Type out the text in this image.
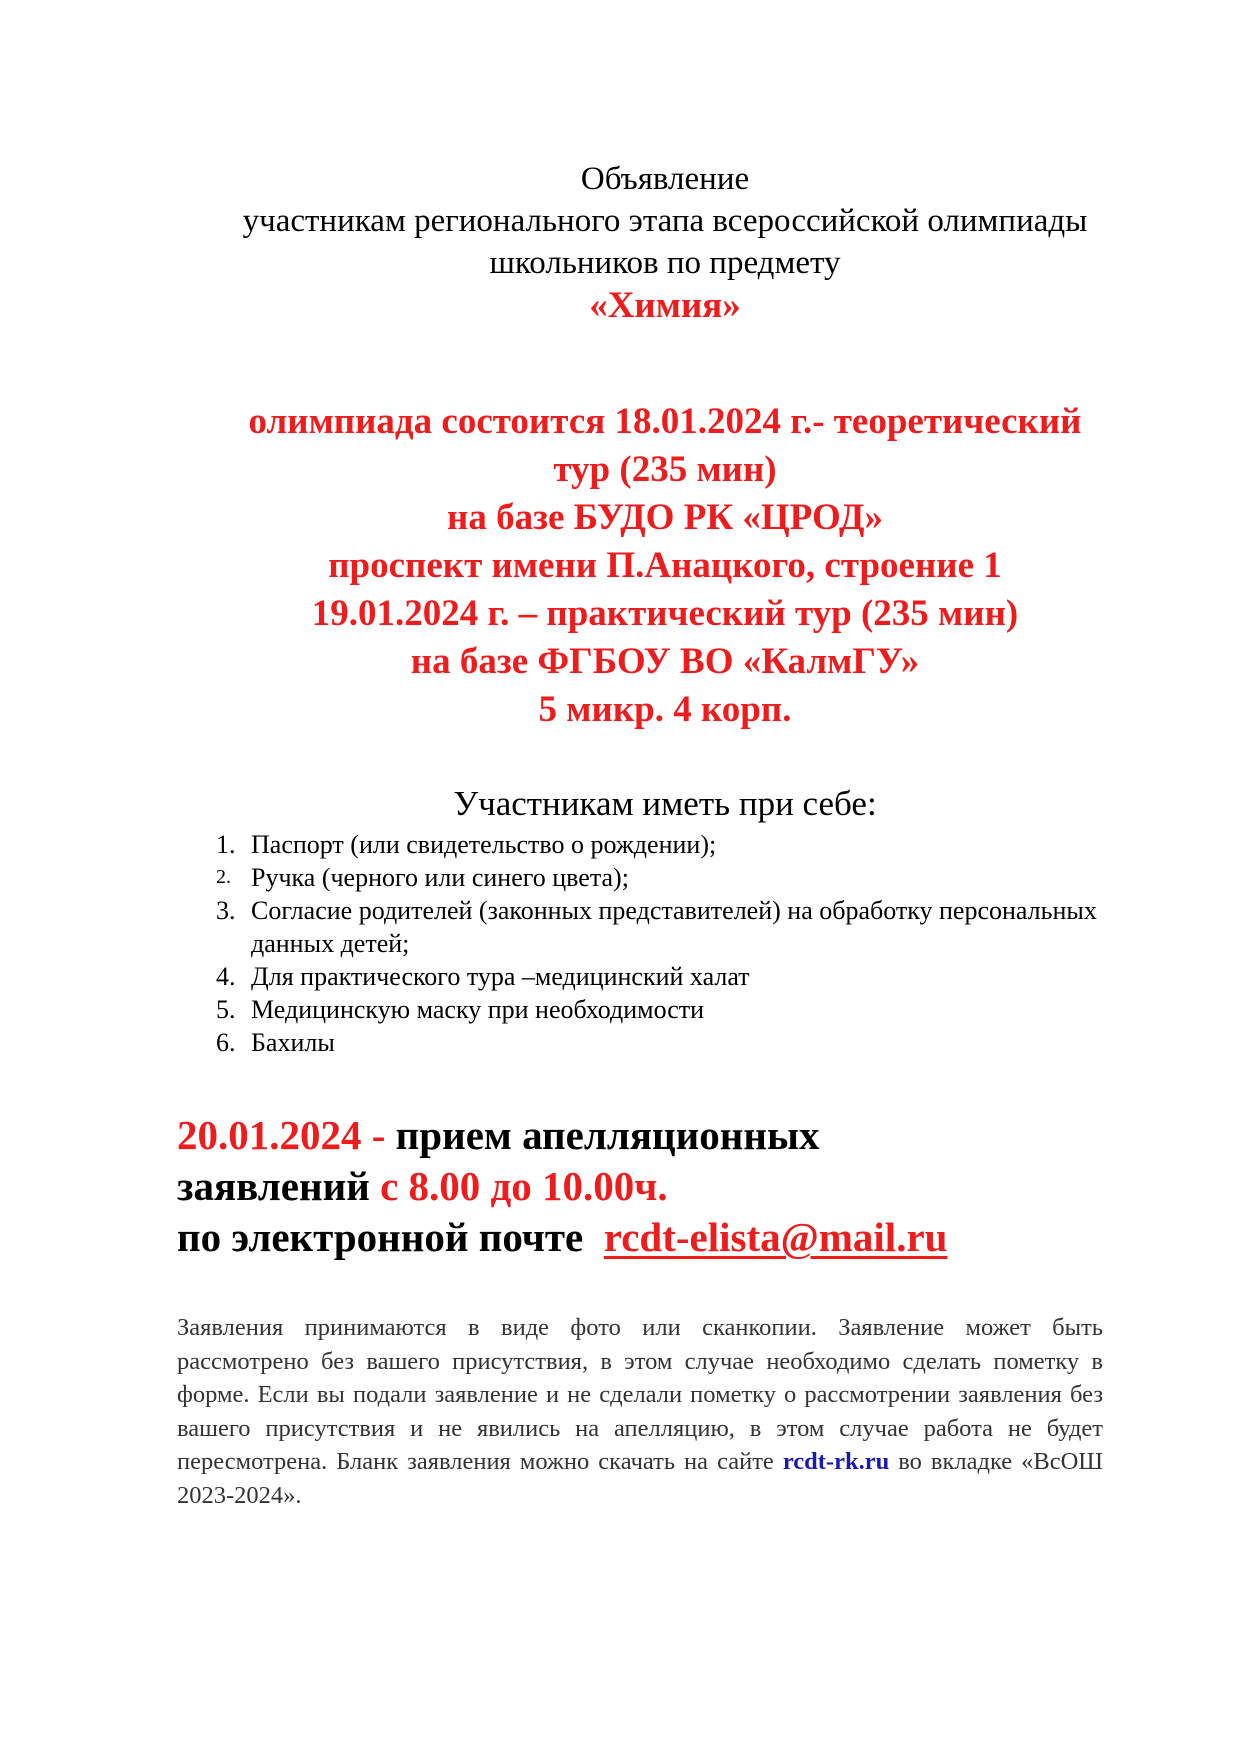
Объявление
участникам регионального этапа всероссийской олимпиады
школьников по предмету
«Химия»
олимпиада состоится 18.01.2024 г.- теоретический
тур (235 мин)
на базе БУДО РК «ЦРОД»
проспект имени П.Анацкого, строение 1
19.01.2024 г. – практический тур (235 мин)
на базе ФГБОУ ВО «КалмГУ»
5 микр. 4 корп.
Участникам иметь при себе:
1. Паспорт (или свидетельство о рождении);
2. Ручка (черного или синего цвета);
3. Согласие родителей (законных представителей) на обработку персональных данных детей;
4. Для практического тура –медицинский халат
5. Медицинскую маску при необходимости
6. Бахилы
20.01.2024 - прием апелляционных
заявлений с 8.00 до 10.00ч.
по электронной почте rcdt-elista@mail.ru
Заявления принимаются в виде фото или сканкопии. Заявление может быть рассмотрено без вашего присутствия, в этом случае необходимо сделать пометку в форме. Если вы подали заявление и не сделали пометку о рассмотрении заявления без вашего присутствия и не явились на апелляцию, в этом случае работа не будет пересмотрена. Бланк заявления можно скачать на сайте rcdt-rk.ru во вкладке «ВсОШ 2023-2024».
